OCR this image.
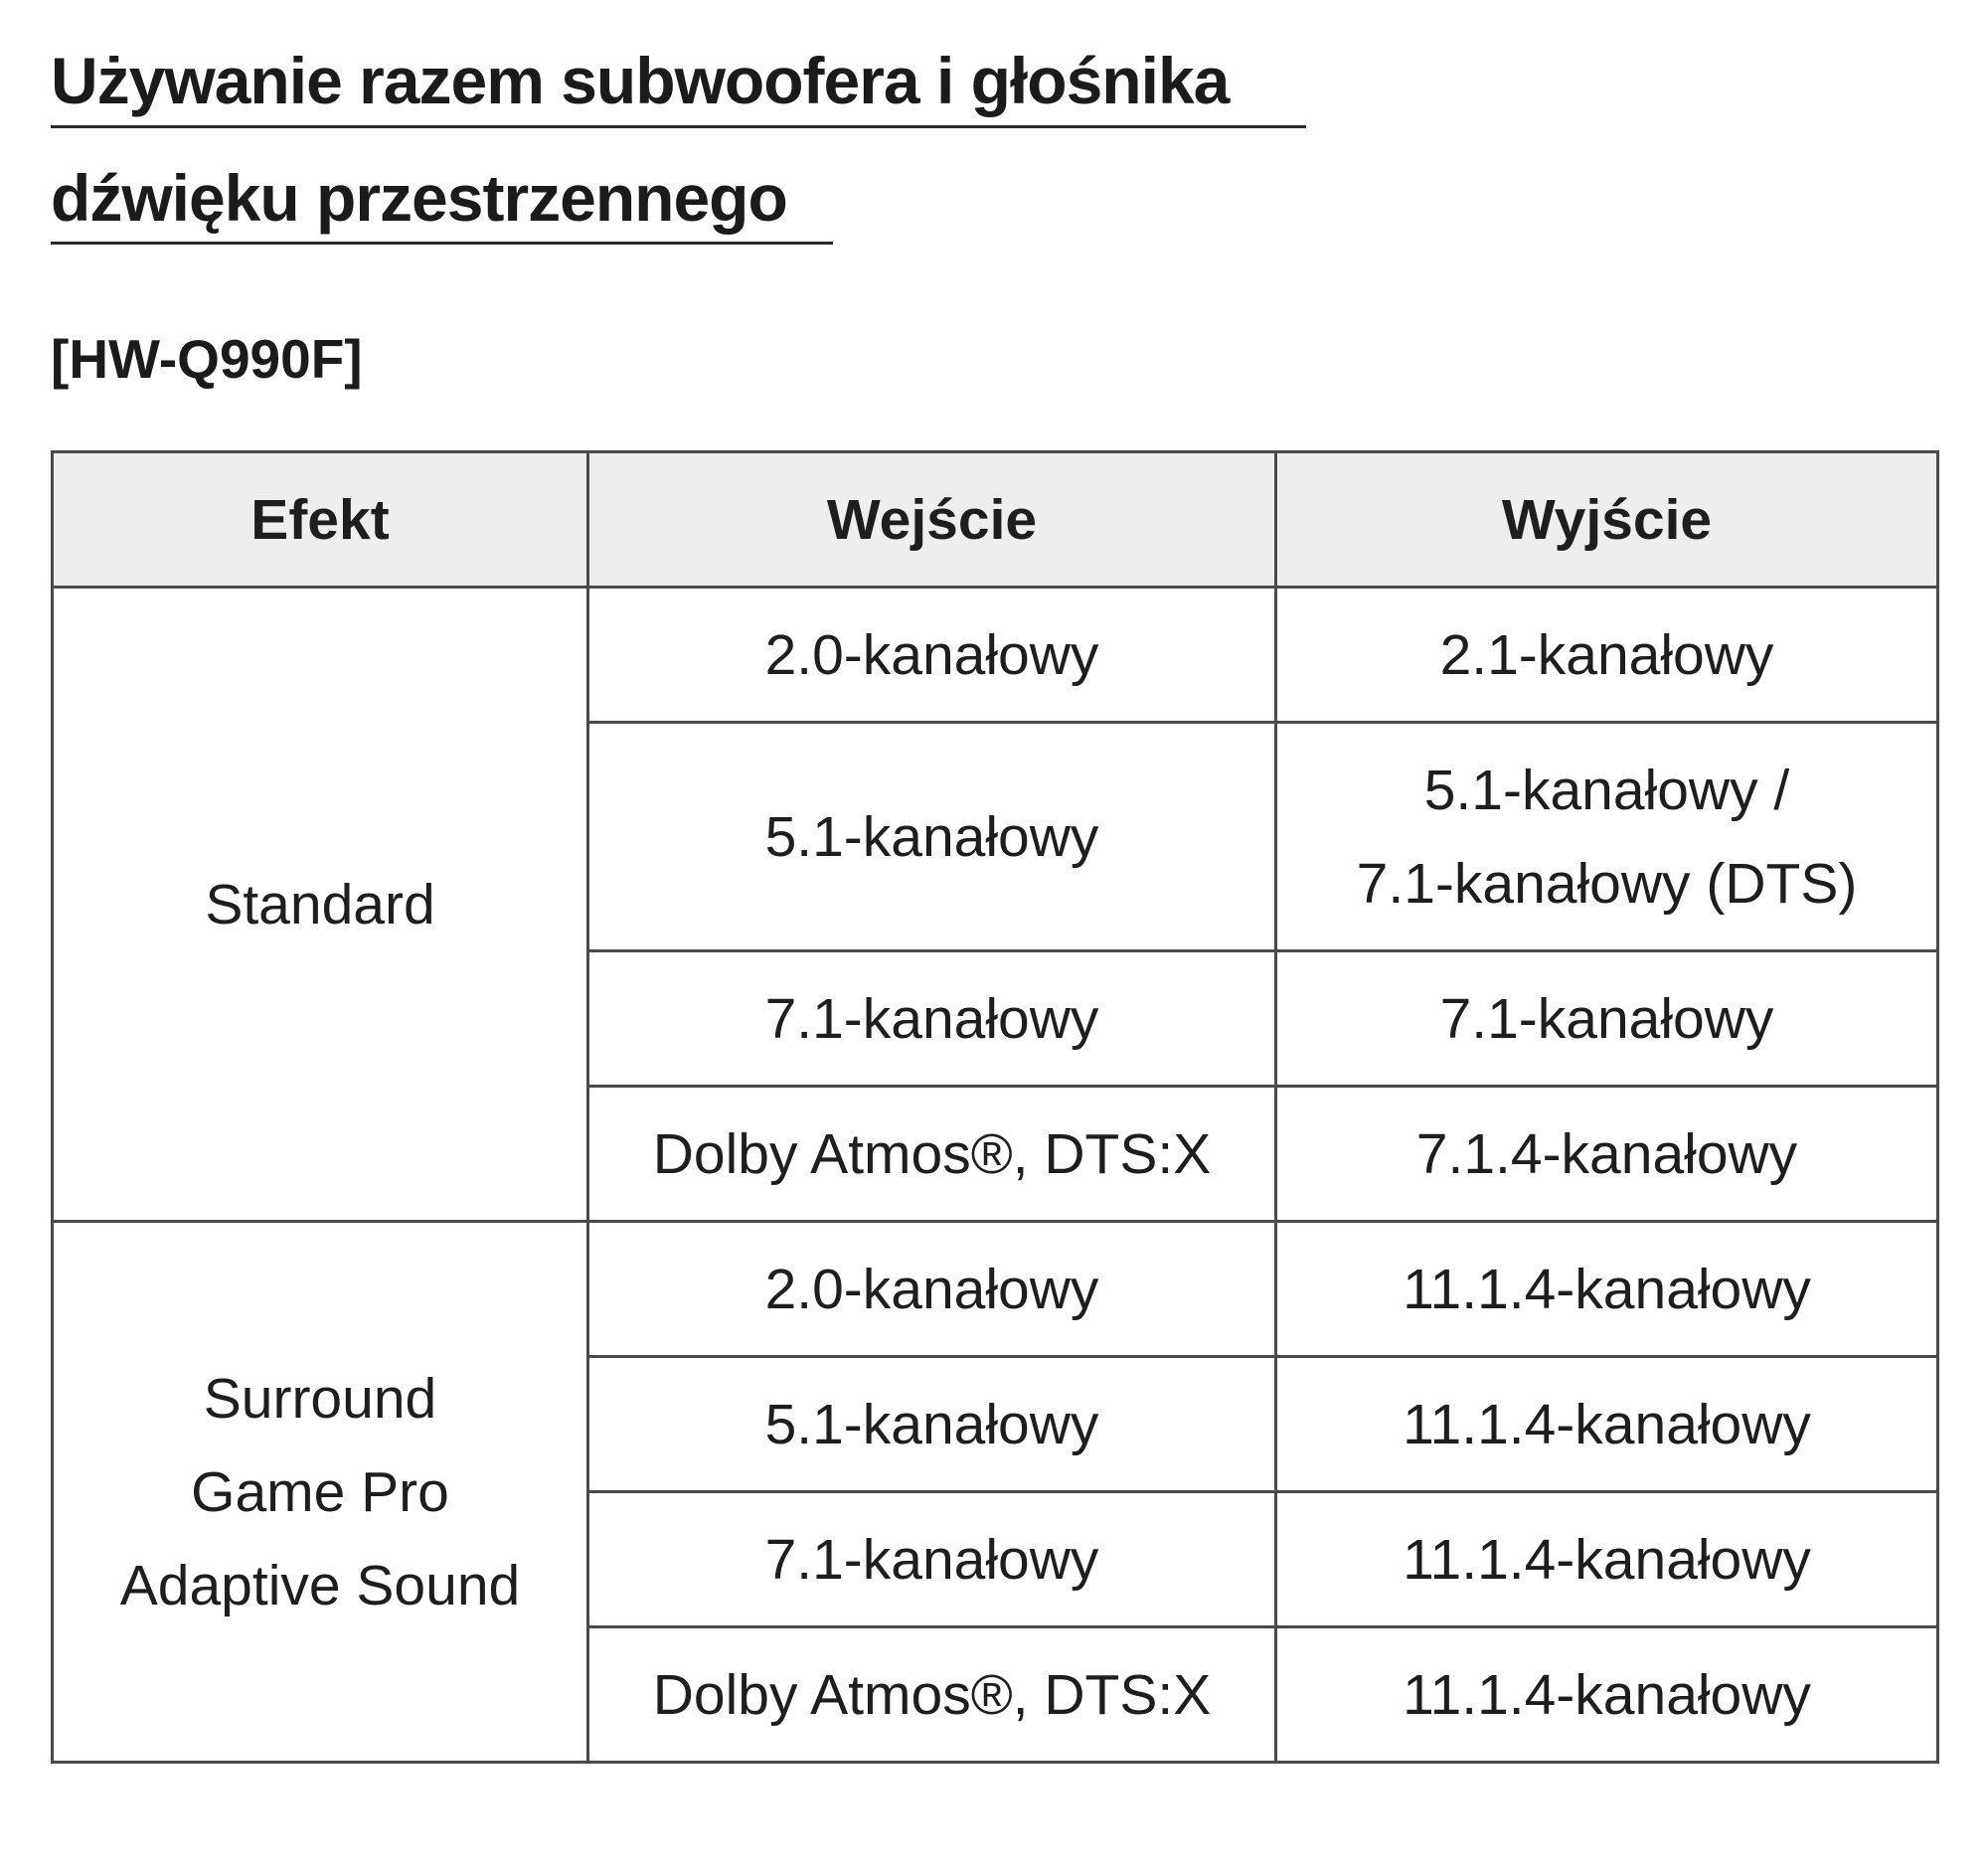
Używanie razem subwoofera i głośnika
dźwięku przestrzennego
[HW-Q990F]
Efekt	Wejście	Wyjście

Standard	2.0-kanałowy	2.1-kanałowy

	5.1-kanałowy	5.1-kanałowy /
7.1-kanałowy (DTS)

	7.1-kanałowy	7.1-kanałowy

	Dolby Atmos®, DTS:X	7.1.4-kanałowy

Surround
Game Pro
Adaptive Sound	2.0-kanałowy	11.1.4-kanałowy

	5.1-kanałowy	11.1.4-kanałowy

	7.1-kanałowy	11.1.4-kanałowy

	Dolby Atmos®, DTS:X	11.1.4-kanałowy
